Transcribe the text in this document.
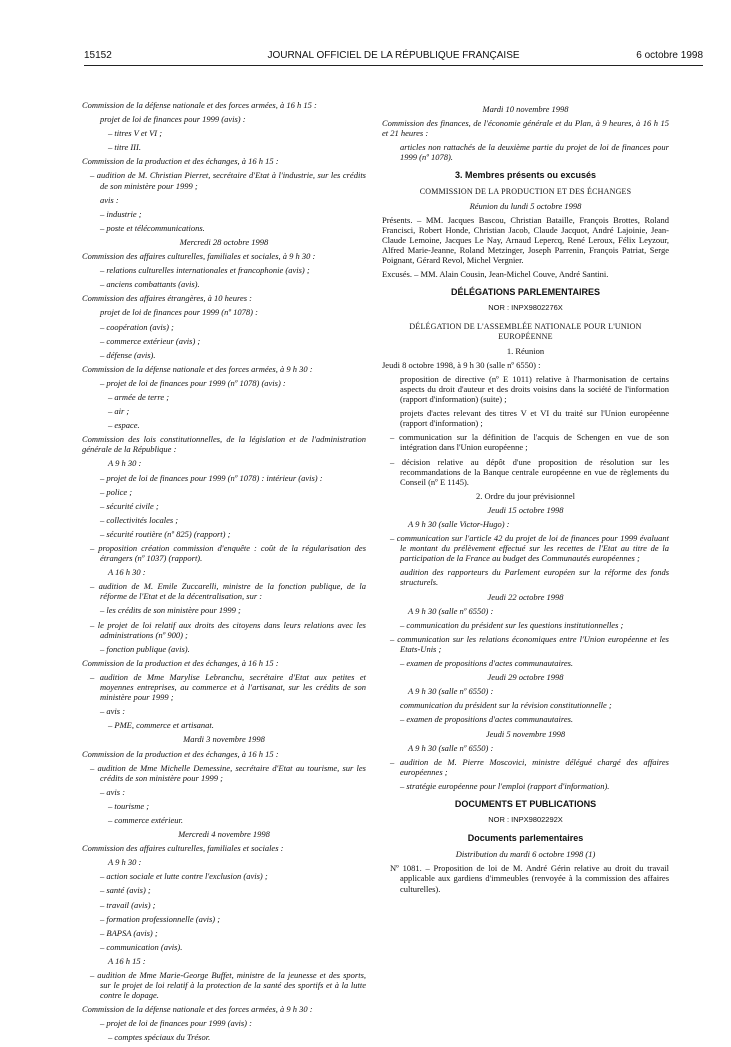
15152	JOURNAL OFFICIEL DE LA RÉPUBLIQUE FRANÇAISE	6 octobre 1998

Commission de la défense nationale et des forces armées, à 16 h 15 :

projet de loi de finances pour 1999 (avis) :

– titres V et VI ;

– titre III.

Commission de la production et des échanges, à 16 h 15 :

– audition de M. Christian Pierret, secrétaire d'Etat à l'industrie, sur les crédits de son ministère pour 1999 ;

avis :

– industrie ;

– poste et télécommunications.

Mercredi 28 octobre 1998

Commission des affaires culturelles, familiales et sociales, à 9 h 30 :

– relations culturelles internationales et francophonie (avis) ;

– anciens combattants (avis).

Commission des affaires étrangères, à 10 heures :

projet de loi de finances pour 1999 (nº 1078) :

– coopération (avis) ;

– commerce extérieur (avis) ;

– défense (avis).

Commission de la défense nationale et des forces armées, à 9 h 30 :

– projet de loi de finances pour 1999 (nº 1078) (avis) :

– armée de terre ;

– air ;

– espace.

Commission des lois constitutionnelles, de la législation et de l'administration générale de la République :

A 9 h 30 :

– projet de loi de finances pour 1999 (nº 1078) : intérieur (avis) :

– police ;

– sécurité civile ;

– collectivités locales ;

– sécurité routière (nº 825) (rapport) ;

– proposition création commission d'enquête : coût de la régularisation des étrangers (nº 1037) (rapport).

A 16 h 30 :

– audition de M. Emile Zuccarelli, ministre de la fonction publique, de la réforme de l'Etat et de la décentralisation, sur :

– les crédits de son ministère pour 1999 ;

– le projet de loi relatif aux droits des citoyens dans leurs relations avec les administrations (nº 900) ;

– fonction publique (avis).

Commission de la production et des échanges, à 16 h 15 :

– audition de Mme Marylise Lebranchu, secrétaire d'Etat aux petites et moyennes entreprises, au commerce et à l'artisanat, sur les crédits de son ministère pour 1999 ;

– avis :

– PME, commerce et artisanat.

Mardi 3 novembre 1998

Commission de la production et des échanges, à 16 h 15 :

– audition de Mme Michelle Demessine, secrétaire d'Etat au tourisme, sur les crédits de son ministère pour 1999 ;

– avis :

– tourisme ;

– commerce extérieur.

Mercredi 4 novembre 1998

Commission des affaires culturelles, familiales et sociales :

A 9 h 30 :

– action sociale et lutte contre l'exclusion (avis) ;

– santé (avis) ;

– travail (avis) ;

– formation professionnelle (avis) ;

– BAPSA (avis) ;

– communication (avis).

A 16 h 15 :

– audition de Mme Marie-George Buffet, ministre de la jeunesse et des sports, sur le projet de loi relatif à la protection de la santé des sportifs et à la lutte contre le dopage.

Commission de la défense nationale et des forces armées, à 9 h 30 :

– projet de loi de finances pour 1999 (avis) :

– comptes spéciaux du Trésor.

Mardi 10 novembre 1998

Commission des finances, de l'économie générale et du Plan, à 9 heures, à 16 h 15 et 21 heures :

articles non rattachés de la deuxième partie du projet de loi de finances pour 1999 (nº 1078).

3. Membres présents ou excusés

COMMISSION DE LA PRODUCTION ET DES ÉCHANGES

Réunion du lundi 5 octobre 1998

Présents. – MM. Jacques Bascou, Christian Bataille, François Brottes, Roland Francisci, Robert Honde, Christian Jacob, Claude Jacquot, André Lajoinie, Jean-Claude Lemoine, Jacques Le Nay, Arnaud Lepercq, René Leroux, Félix Leyzour, Alfred Marie-Jeanne, Roland Metzinger, Joseph Parrenin, François Patriat, Serge Poignant, Gérard Revol, Michel Vergnier.

Excusés. – MM. Alain Cousin, Jean-Michel Couve, André Santini.

DÉLÉGATIONS PARLEMENTAIRES

NOR : INPX9802276X

DÉLÉGATION DE L'ASSEMBLÉE NATIONALE POUR L'UNION EUROPÉENNE

1. Réunion

Jeudi 8 octobre 1998, à 9 h 30 (salle nº 6550) :

proposition de directive (nº E 1011) relative à l'harmonisation de certains aspects du droit d'auteur et des droits voisins dans la société de l'information (rapport d'information) (suite) ;

projets d'actes relevant des titres V et VI du traité sur l'Union européenne (rapport d'information) ;

– communication sur la définition de l'acquis de Schengen en vue de son intégration dans l'Union européenne ;

– décision relative au dépôt d'une proposition de résolution sur les recommandations de la Banque centrale européenne en vue de règlements du Conseil (nº E 1145).

2. Ordre du jour prévisionnel

Jeudi 15 octobre 1998

A 9 h 30 (salle Victor-Hugo) :

– communication sur l'article 42 du projet de loi de finances pour 1999 évaluant le montant du prélèvement effectué sur les recettes de l'Etat au titre de la participation de la France au budget des Communautés européennes ;

audition des rapporteurs du Parlement européen sur la réforme des fonds structurels.

Jeudi 22 octobre 1998

A 9 h 30 (salle nº 6550) :

– communication du président sur les questions institutionnelles ;

– communication sur les relations économiques entre l'Union européenne et les Etats-Unis ;

– examen de propositions d'actes communautaires.

Jeudi 29 octobre 1998

A 9 h 30 (salle nº 6550) :

communication du président sur la révision constitutionnelle ;

– examen de propositions d'actes communautaires.

Jeudi 5 novembre 1998

A 9 h 30 (salle nº 6550) :

– audition de M. Pierre Moscovici, ministre délégué chargé des affaires européennes ;

– stratégie européenne pour l'emploi (rapport d'information).

DOCUMENTS ET PUBLICATIONS

NOR : INPX9802292X

Documents parlementaires

Distribution du mardi 6 octobre 1998 (1)

Nº 1081. – Proposition de loi de M. André Gérin relative au droit du travail applicable aux gardiens d'immeubles (renvoyée à la commission des affaires culturelles).
